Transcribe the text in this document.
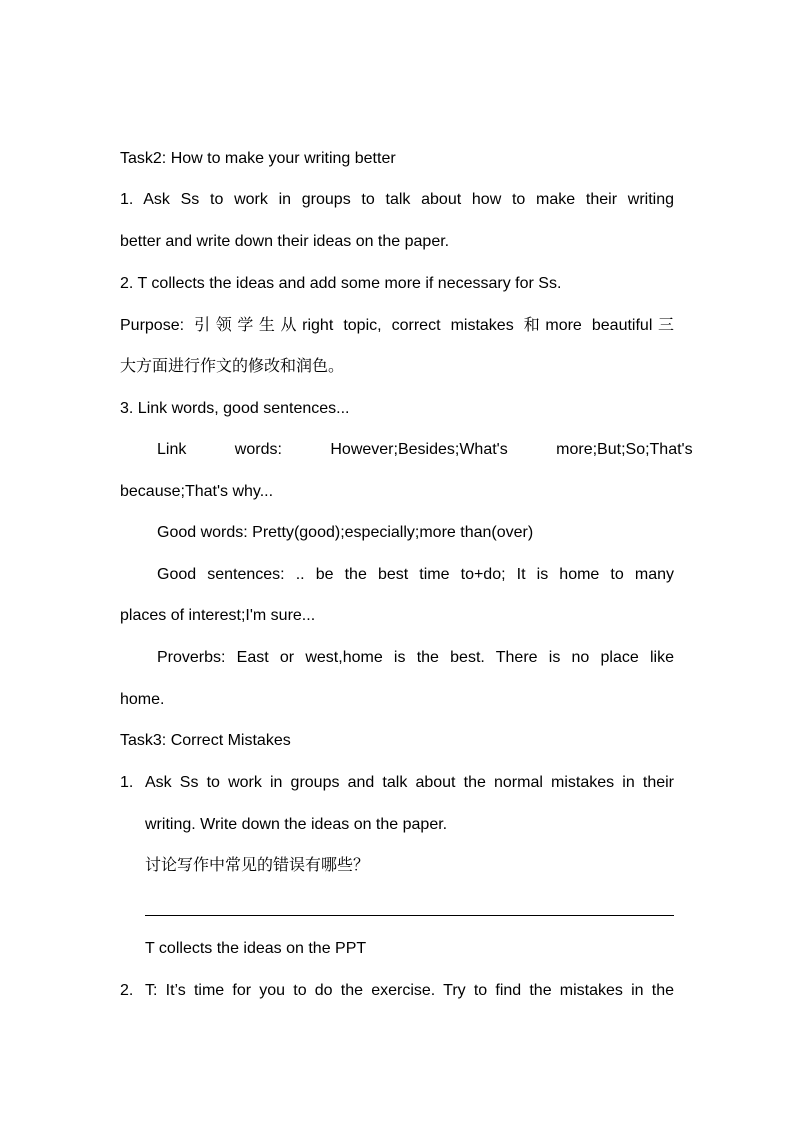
Task2: How to make your writing better
1. Ask Ss to work in groups to talk about how to make their writing
better and write down their ideas on the paper.
2. T collects the ideas and add some more if necessary for Ss.
Purpose: 引领学生从right topic, correct mistakes 和more beautiful三
大方面进行作文的修改和润色。
3. Link words, good sentences...
Link words: However;Besides;What's more;But;So;That's
because;That's why...
Good words: Pretty(good);especially;more than(over)
Good sentences: .. be the best time to+do; It is home to many
places of interest;I'm sure...
Proverbs: East or west,home is the best. There is no place like
home.
Task3: Correct Mistakes
1. Ask Ss to work in groups and talk about the normal mistakes in their
writing. Write down the ideas on the paper.
讨论写作中常见的错误有哪些？
T collects the ideas on the PPT
2. T: It’s time for you to do the exercise. Try to find the mistakes in the
